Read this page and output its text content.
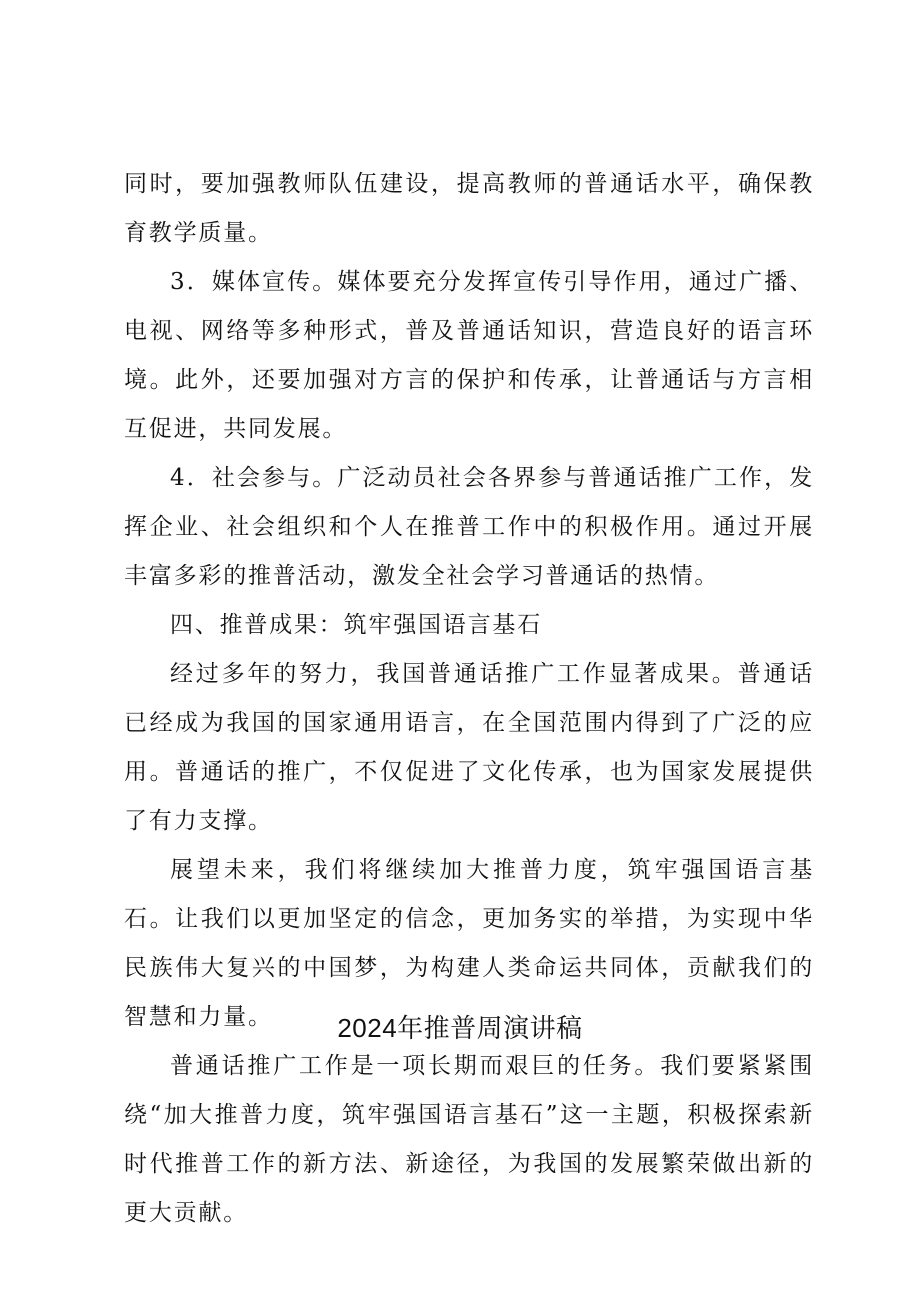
同时，要加强教师队伍建设，提高教师的普通话水平，确保教育教学质量。

3．媒体宣传。媒体要充分发挥宣传引导作用，通过广播、电视、网络等多种形式，普及普通话知识，营造良好的语言环境。此外，还要加强对方言的保护和传承，让普通话与方言相互促进，共同发展。

4．社会参与。广泛动员社会各界参与普通话推广工作，发挥企业、社会组织和个人在推普工作中的积极作用。通过开展丰富多彩的推普活动，激发全社会学习普通话的热情。

四、推普成果：筑牢强国语言基石

经过多年的努力，我国普通话推广工作显著成果。普通话已经成为我国的国家通用语言，在全国范围内得到了广泛的应用。普通话的推广，不仅促进了文化传承，也为国家发展提供了有力支撑。

展望未来，我们将继续加大推普力度，筑牢强国语言基石。让我们以更加坚定的信念，更加务实的举措，为实现中华民族伟大复兴的中国梦，为构建人类命运共同体，贡献我们的智慧和力量。

普通话推广工作是一项长期而艰巨的任务。我们要紧紧围绕“加大推普力度，筑牢强国语言基石”这一主题，积极探索新时代推普工作的新方法、新途径，为我国的发展繁荣做出新的更大贡献。

2024年推普周演讲稿
